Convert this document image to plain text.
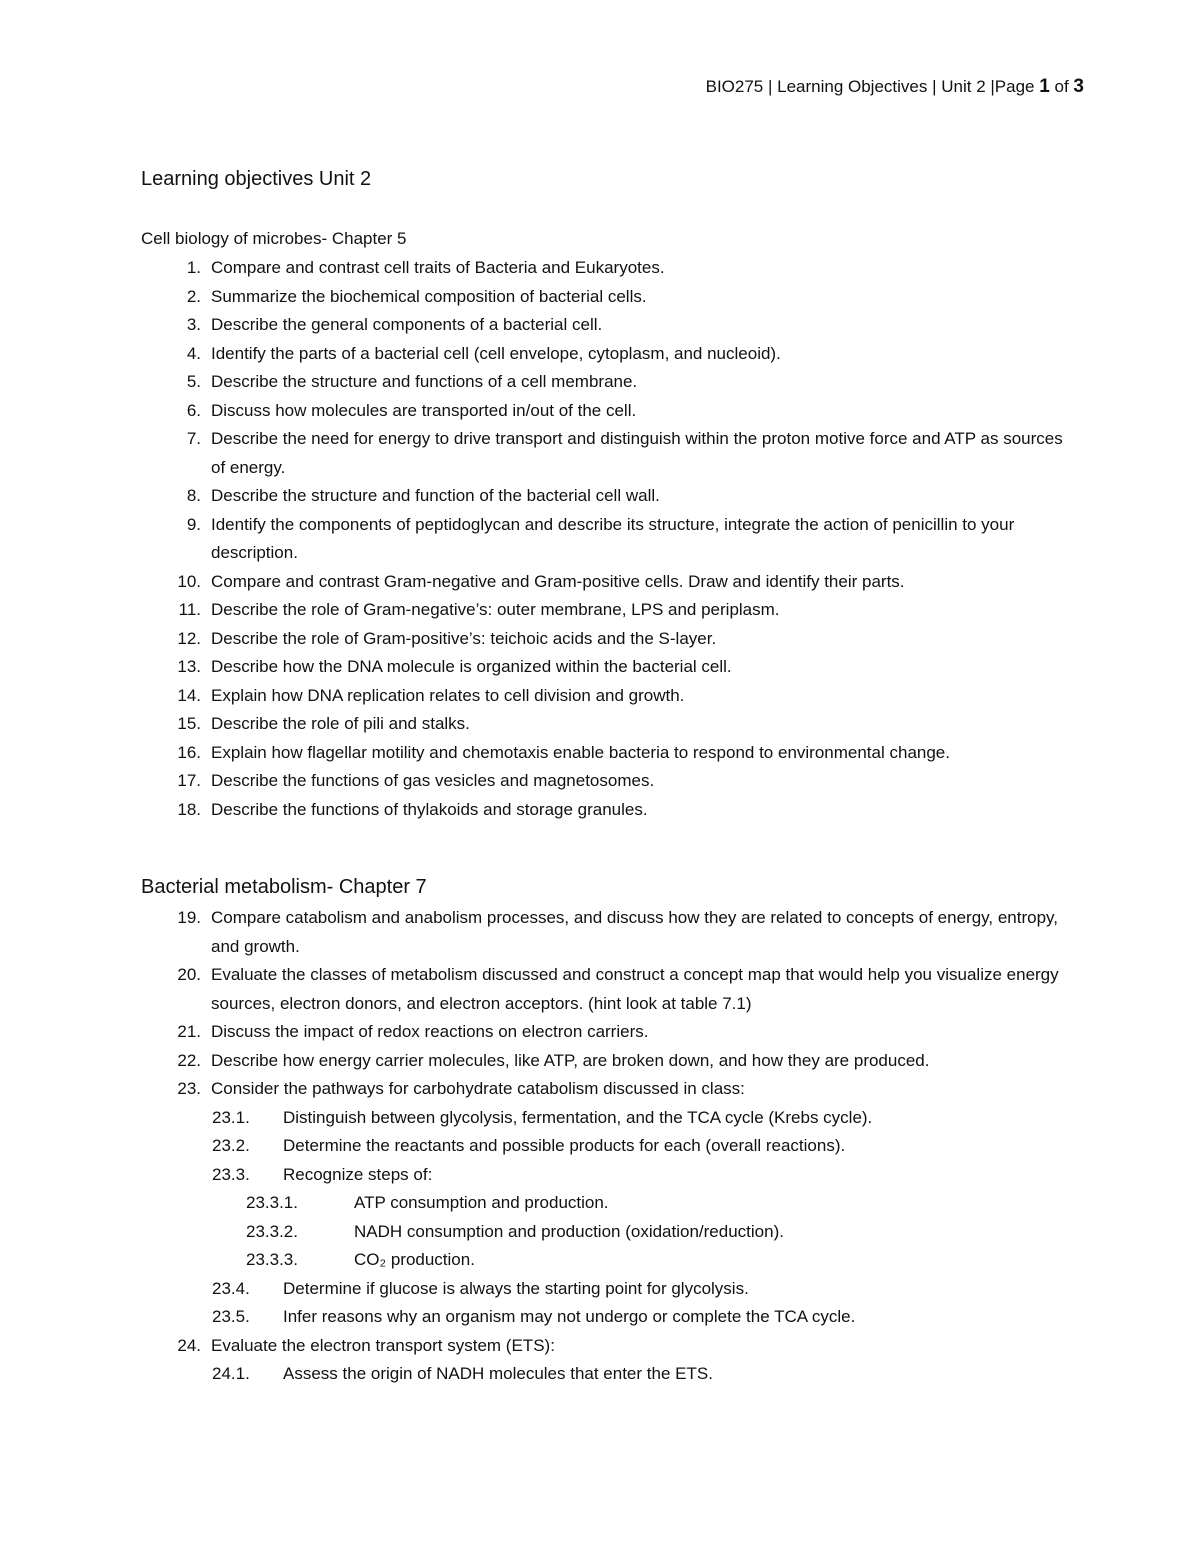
BIO275 | Learning Objectives | Unit 2 |Page 1 of 3
Learning objectives Unit 2
Cell biology of microbes- Chapter 5
1. Compare and contrast cell traits of Bacteria and Eukaryotes.
2. Summarize the biochemical composition of bacterial cells.
3. Describe the general components of a bacterial cell.
4. Identify the parts of a bacterial cell (cell envelope, cytoplasm, and nucleoid).
5. Describe the structure and functions of a cell membrane.
6. Discuss how molecules are transported in/out of the cell.
7. Describe the need for energy to drive transport and distinguish within the proton motive force and ATP as sources of energy.
8. Describe the structure and function of the bacterial cell wall.
9. Identify the components of peptidoglycan and describe its structure, integrate the action of penicillin to your description.
10. Compare and contrast Gram-negative and Gram-positive cells. Draw and identify their parts.
11. Describe the role of Gram-negative’s: outer membrane, LPS and periplasm.
12. Describe the role of Gram-positive’s: teichoic acids and the S-layer.
13. Describe how the DNA molecule is organized within the bacterial cell.
14. Explain how DNA replication relates to cell division and growth.
15. Describe the role of pili and stalks.
16. Explain how flagellar motility and chemotaxis enable bacteria to respond to environmental change.
17. Describe the functions of gas vesicles and magnetosomes.
18. Describe the functions of thylakoids and storage granules.
Bacterial metabolism- Chapter 7
19. Compare catabolism and anabolism processes, and discuss how they are related to concepts of energy, entropy, and growth.
20. Evaluate the classes of metabolism discussed and construct a concept map that would help you visualize energy sources, electron donors, and electron acceptors. (hint look at table 7.1)
21. Discuss the impact of redox reactions on electron carriers.
22. Describe how energy carrier molecules, like ATP, are broken down, and how they are produced.
23. Consider the pathways for carbohydrate catabolism discussed in class:
23.1. Distinguish between glycolysis, fermentation, and the TCA cycle (Krebs cycle).
23.2. Determine the reactants and possible products for each (overall reactions).
23.3. Recognize steps of:
23.3.1.	ATP consumption and production.
23.3.2.	NADH consumption and production (oxidation/reduction).
23.3.3.	CO₂ production.
23.4. Determine if glucose is always the starting point for glycolysis.
23.5. Infer reasons why an organism may not undergo or complete the TCA cycle.
24. Evaluate the electron transport system (ETS):
24.1. Assess the origin of NADH molecules that enter the ETS.
